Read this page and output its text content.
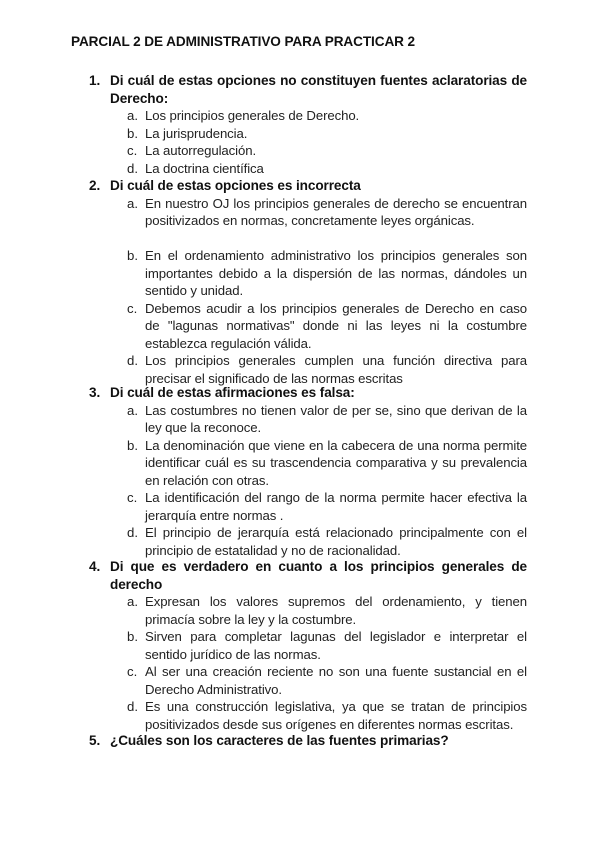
PARCIAL 2 DE ADMINISTRATIVO PARA PRACTICAR 2
1. Di cuál de estas opciones no constituyen fuentes aclaratorias de Derecho:
a. Los principios generales de Derecho.
b. La jurisprudencia.
c. La autorregulación.
d. La doctrina científica
2. Di cuál de estas opciones es incorrecta
a. En nuestro OJ los principios generales de derecho se encuentran positivizados en normas, concretamente leyes orgánicas.
b. En el ordenamiento administrativo los principios generales son importantes debido a la dispersión de las normas, dándoles un sentido y unidad.
c. Debemos acudir a los principios generales de Derecho en caso de "lagunas normativas" donde ni las leyes ni la costumbre establezca regulación válida.
d. Los principios generales cumplen una función directiva para precisar el significado de las normas escritas
3. Di cuál de estas afirmaciones es falsa:
a. Las costumbres no tienen valor de per se, sino que derivan de la ley que la reconoce.
b. La denominación que viene en la cabecera de una norma permite identificar cuál es su trascendencia comparativa y su prevalencia en relación con otras.
c. La identificación del rango de la norma permite hacer efectiva la jerarquía entre normas .
d. El principio de jerarquía está relacionado principalmente con el principio de estatalidad y no de racionalidad.
4. Di que es verdadero en cuanto a los principios generales de derecho
a. Expresan los valores supremos del ordenamiento, y tienen primacía sobre la ley y la costumbre.
b. Sirven para completar lagunas del legislador e interpretar el sentido jurídico de las normas.
c. Al ser una creación reciente no son una fuente sustancial en el Derecho Administrativo.
d. Es una construcción legislativa, ya que se tratan de principios positivizados desde sus orígenes en diferentes normas escritas.
5. ¿Cuáles son los caracteres de las fuentes primarias?
